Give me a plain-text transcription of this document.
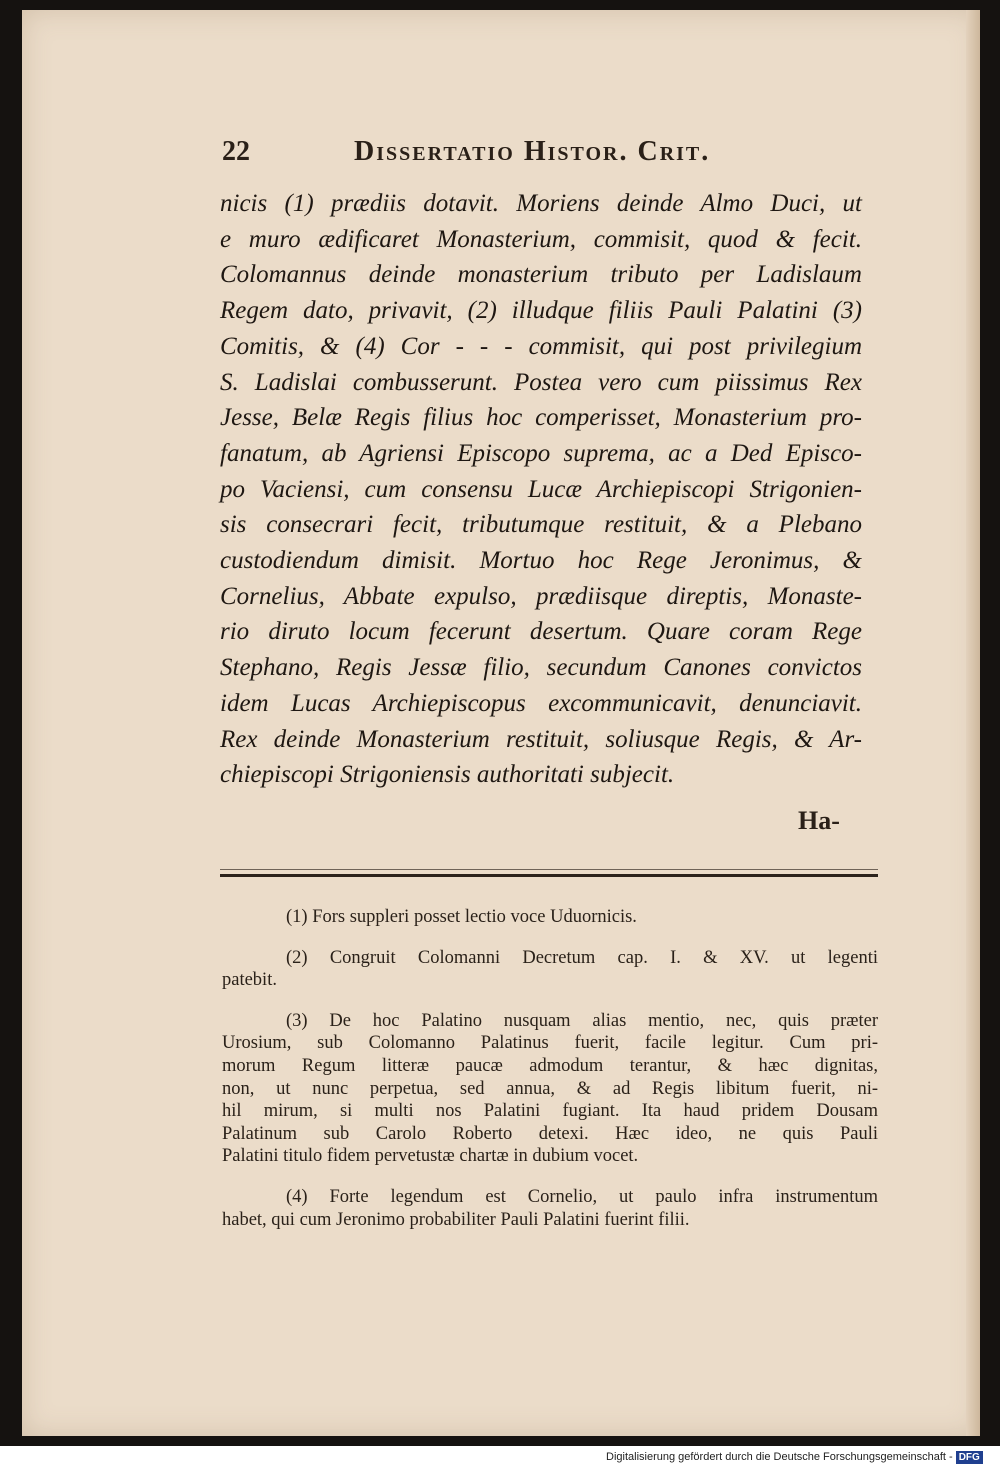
22	Dissertatio Histor. Crit.
nicis (1) prædiis dotavit. Moriens deinde Almo Duci, ut
e muro ædificaret Monasterium, commisit, quod & fecit.
Colomannus deinde monasterium tributo per Ladislaum
Regem dato, privavit, (2) illudque filiis Pauli Palatini (3)
Comitis, & (4) Cor - - - commisit, qui post privilegium
S. Ladislai combusserunt. Postea vero cum piissimus Rex
Jesse, Belæ Regis filius hoc comperisset, Monasterium pro-
fanatum, ab Agriensi Episcopo suprema, ac a Ded Episco-
po Vaciensi, cum consensu Lucæ Archiepiscopi Strigonien-
sis consecrari fecit, tributumque restituit, & a Plebano
custodiendum dimisit. Mortuo hoc Rege Jeronimus, &
Cornelius, Abbate expulso, prædiisque direptis, Monaste-
rio diruto locum fecerunt desertum. Quare coram Rege
Stephano, Regis Jessæ filio, secundum Canones convictos
idem Lucas Archiepiscopus excommunicavit, denunciavit.
Rex deinde Monasterium restituit, soliusque Regis, & Ar-
chiepiscopi Strigoniensis authoritati subjecit.
Ha-
(1) Fors suppleri posset lectio voce Uduornicis.
(2) Congruit Colomanni Decretum cap. I. & XV. ut legenti
patebit.
(3) De hoc Palatino nusquam alias mentio, nec, quis præter
Urosium, sub Colomanno Palatinus fuerit, facile legitur. Cum pri-
morum Regum litteræ paucæ admodum terantur, & hæc dignitas,
non, ut nunc perpetua, sed annua, & ad Regis libitum fuerit, ni-
hil mirum, si multi nos Palatini fugiant. Ita haud pridem Dousam
Palatinum sub Carolo Roberto detexi. Hæc ideo, ne quis Pauli
Palatini titulo fidem pervetustæ chartæ in dubium vocet.
(4) Forte legendum est Cornelio, ut paulo infra instrumentum
habet, qui cum Jeronimo probabiliter Pauli Palatini fuerint filii.
Digitalisierung gefördert durch die Deutsche Forschungsgemeinschaft - DFG
